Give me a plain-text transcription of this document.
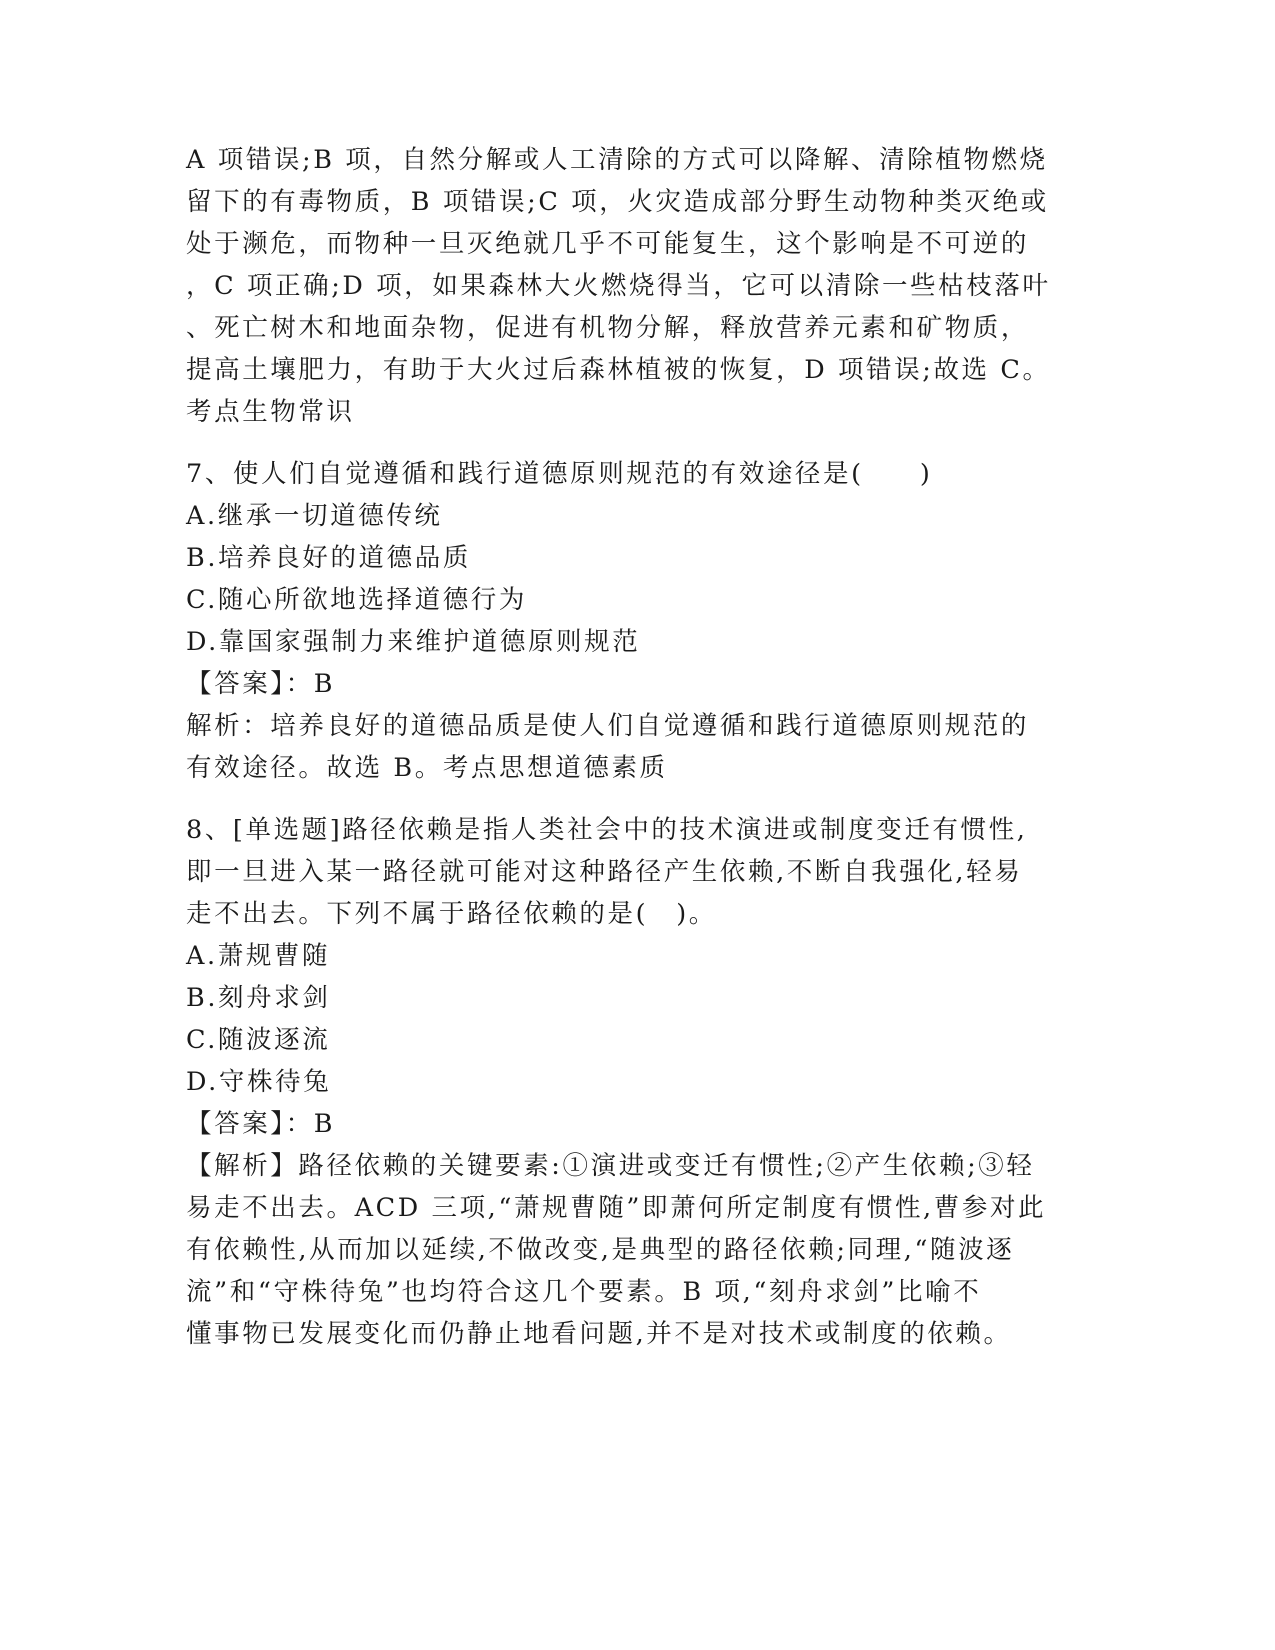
A 项错误;B 项，自然分解或人工清除的方式可以降解、清除植物燃烧
留下的有毒物质，B 项错误;C 项，火灾造成部分野生动物种类灭绝或
处于濒危，而物种一旦灭绝就几乎不可能复生，这个影响是不可逆的
，C 项正确;D 项，如果森林大火燃烧得当，它可以清除一些枯枝落叶
、死亡树木和地面杂物，促进有机物分解，释放营养元素和矿物质，
提高土壤肥力，有助于大火过后森林植被的恢复，D 项错误;故选 C。
考点生物常识
7、使人们自觉遵循和践行道德原则规范的有效途径是(　　)
A.继承一切道德传统
B.培养良好的道德品质
C.随心所欲地选择道德行为
D.靠国家强制力来维护道德原则规范
【答案】：B
解析：培养良好的道德品质是使人们自觉遵循和践行道德原则规范的
有效途径。故选 B。考点思想道德素质
8、[单选题]路径依赖是指人类社会中的技术演进或制度变迁有惯性,
即一旦进入某一路径就可能对这种路径产生依赖,不断自我强化,轻易
走不出去。下列不属于路径依赖的是(　)。
A.萧规曹随
B.刻舟求剑
C.随波逐流
D.守株待兔
【答案】：B
【解析】路径依赖的关键要素:①演进或变迁有惯性;②产生依赖;③轻
易走不出去。ACD 三项,“萧规曹随”即萧何所定制度有惯性,曹参对此
有依赖性,从而加以延续,不做改变,是典型的路径依赖;同理,“随波逐
流”和“守株待兔”也均符合这几个要素。B 项,“刻舟求剑”比喻不
懂事物已发展变化而仍静止地看问题,并不是对技术或制度的依赖。
